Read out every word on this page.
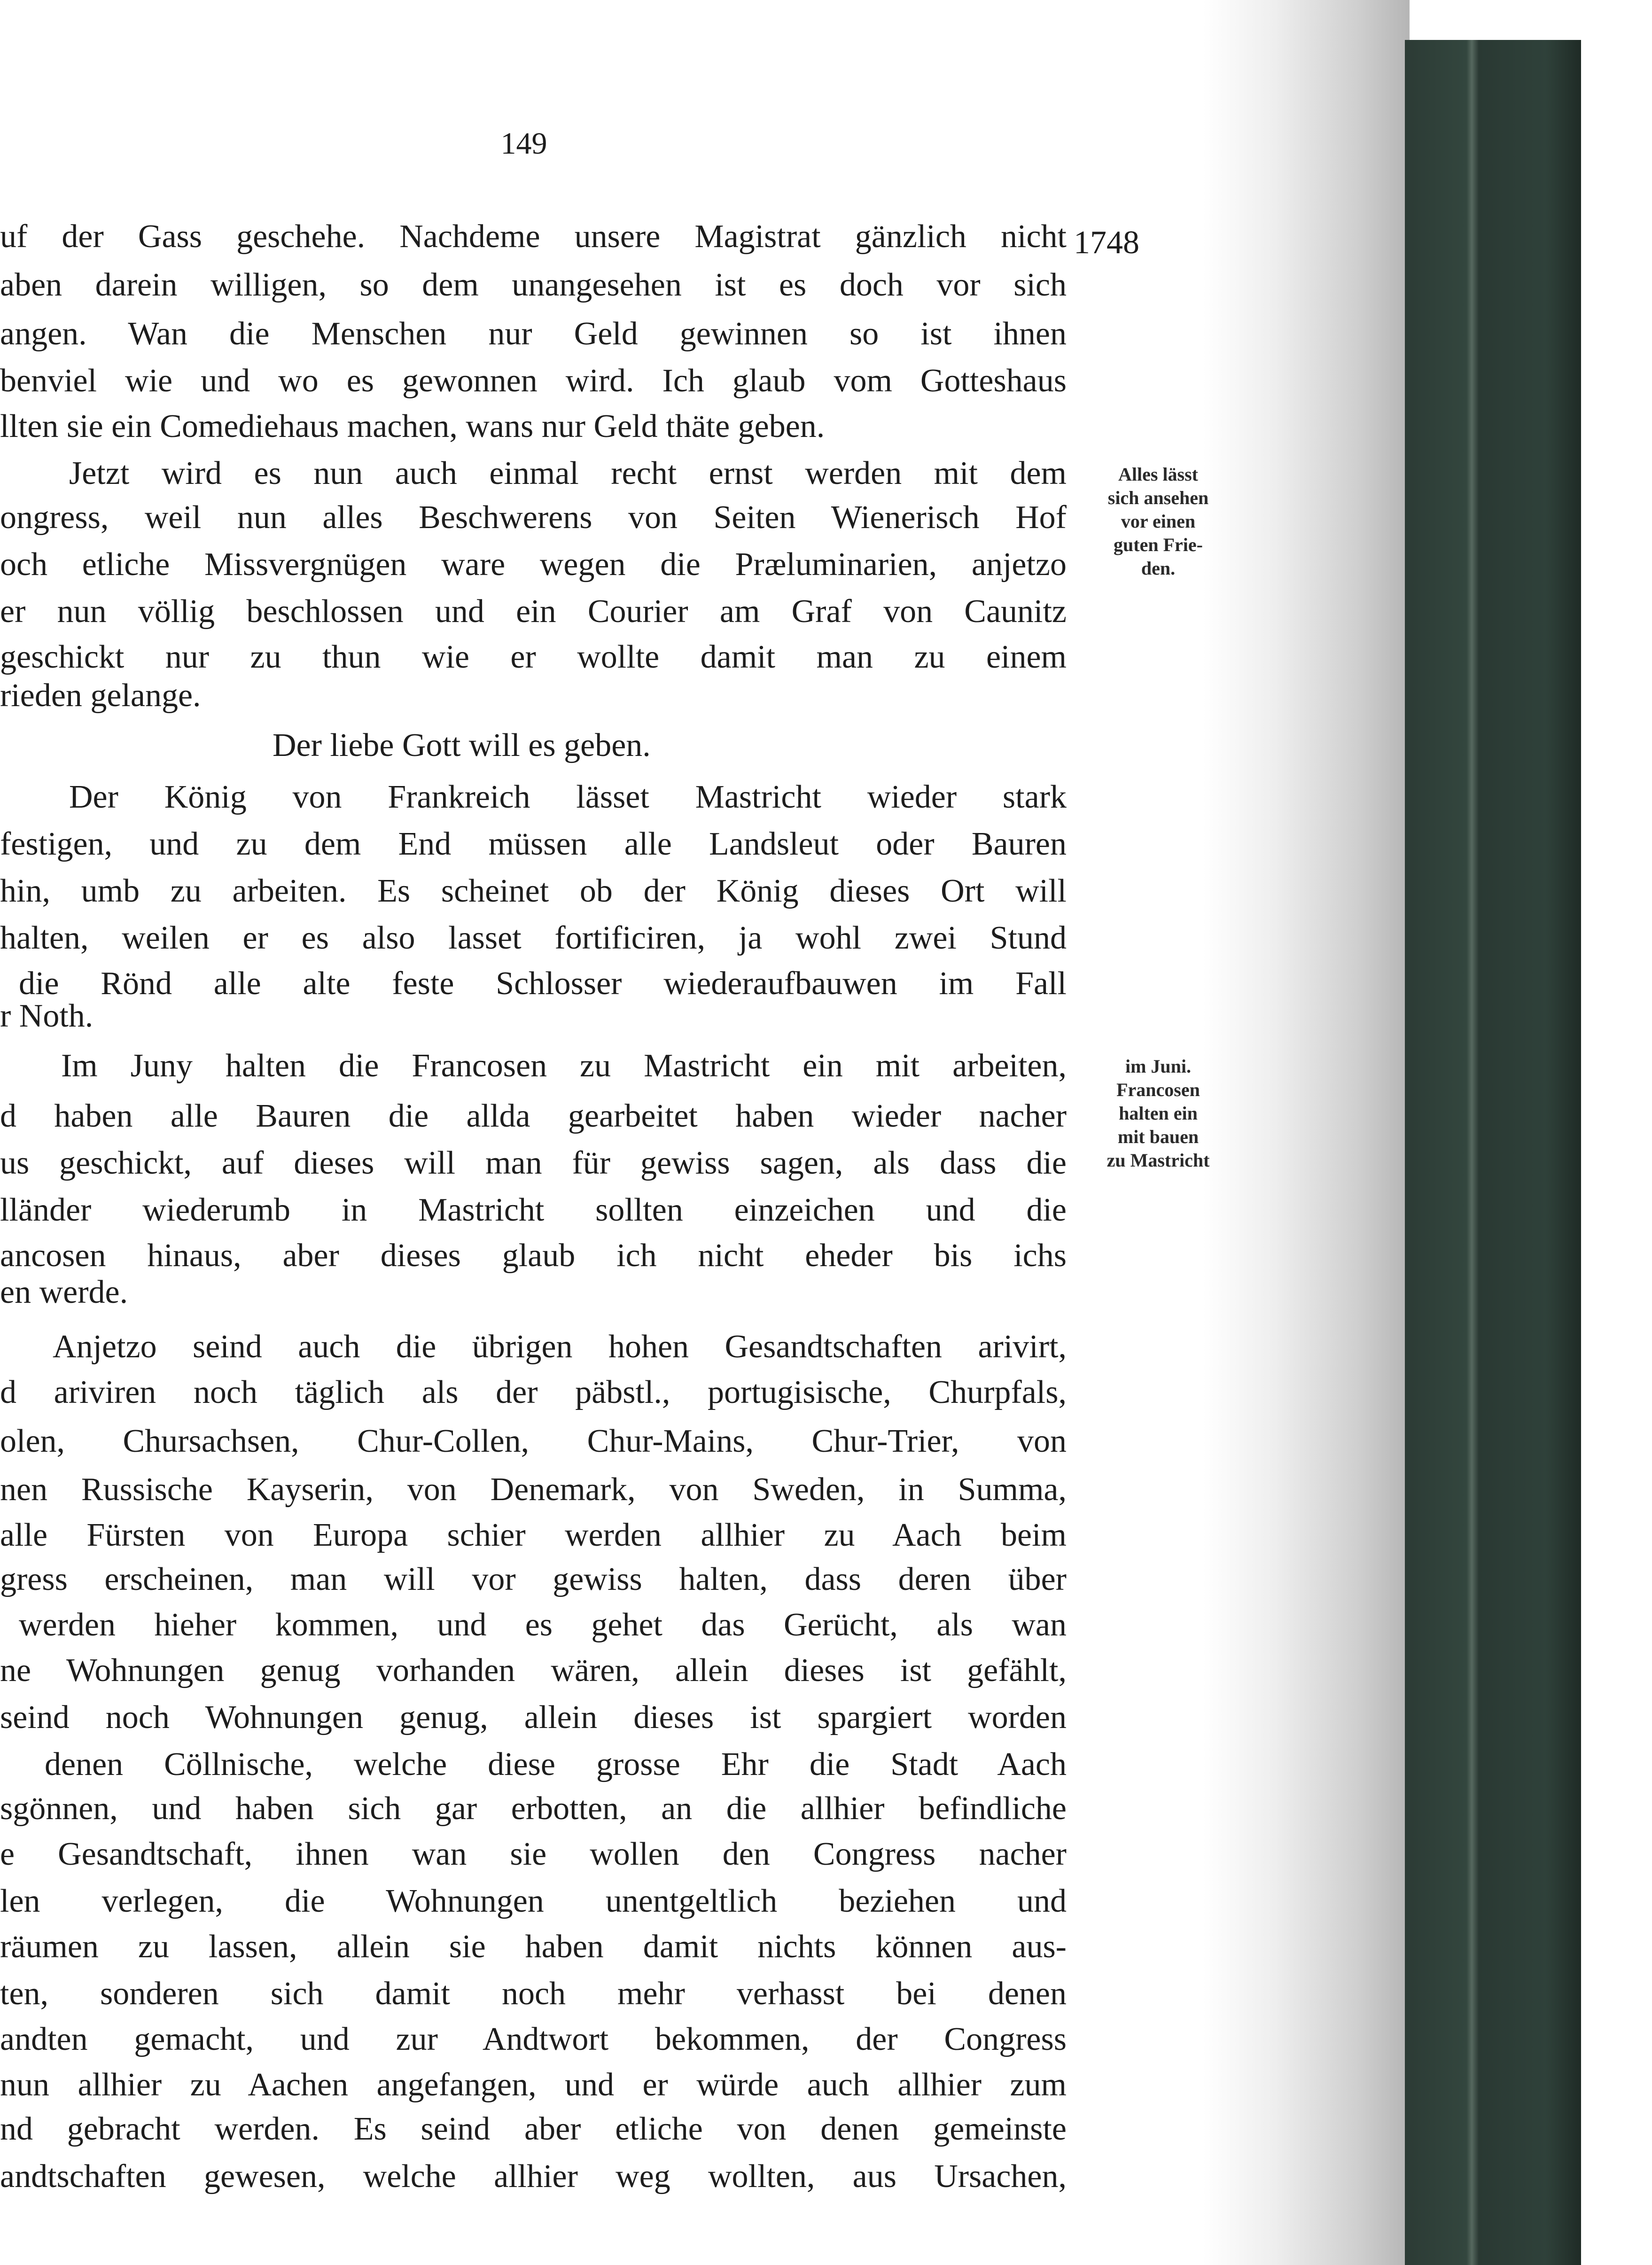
149
1748
uf der Gass geschehe. Nachdeme unsere Magistrat gänzlich nicht
aben darein willigen, so dem unangesehen ist es doch vor sich
angen. Wan die Menschen nur Geld gewinnen so ist ihnen
benviel wie und wo es gewonnen wird. Ich glaub vom Gotteshaus
llten sie ein Comediehaus machen, wans nur Geld thäte geben.
Jetzt wird es nun auch einmal recht ernst werden mit dem
ongress, weil nun alles Beschwerens von Seiten Wienerisch Hof
och etliche Missvergnügen ware wegen die Præluminarien, anjetzo
er nun völlig beschlossen und ein Courier am Graf von Caunitz
geschickt nur zu thun wie er wollte damit man zu einem
rieden gelange.
Der liebe Gott will es geben.
Der König von Frankreich lässet Mastricht wieder stark
festigen, und zu dem End müssen alle Landsleut oder Bauren
hin, umb zu arbeiten. Es scheinet ob der König dieses Ort will
halten, weilen er es also lasset fortificiren, ja wohl zwei Stund
die Rönd alle alte feste Schlosser wiederaufbauwen im Fall
r Noth.
Im Juny halten die Francosen zu Mastricht ein mit arbeiten,
d haben alle Bauren die allda gearbeitet haben wieder nacher
us geschickt, auf dieses will man für gewiss sagen, als dass die
lländer wiederumb in Mastricht sollten einzeichen und die
ancosen hinaus, aber dieses glaub ich nicht eheder bis ichs
en werde.
Anjetzo seind auch die übrigen hohen Gesandtschaften arivirt,
d ariviren noch täglich als der päbstl., portugisische, Churpfals,
olen, Chursachsen, Chur-Collen, Chur-Mains, Chur-Trier, von
nen Russische Kayserin, von Denemark, von Sweden, in Summa,
alle Fürsten von Europa schier werden allhier zu Aach beim
gress erscheinen, man will vor gewiss halten, dass deren über
werden hieher kommen, und es gehet das Gerücht, als wan
ne Wohnungen genug vorhanden wären, allein dieses ist gefählt,
seind noch Wohnungen genug, allein dieses ist spargiert worden
denen Cöllnische, welche diese grosse Ehr die Stadt Aach
sgönnen, und haben sich gar erbotten, an die allhier befindliche
e Gesandtschaft, ihnen wan sie wollen den Congress nacher
len verlegen, die Wohnungen unentgeltlich beziehen und
räumen zu lassen, allein sie haben damit nichts können aus-
ten, sonderen sich damit noch mehr verhasst bei denen
andten gemacht, und zur Andtwort bekommen, der Congress
nun allhier zu Aachen angefangen, und er würde auch allhier zum
nd gebracht werden. Es seind aber etliche von denen gemeinste
andtschaften gewesen, welche allhier weg wollten, aus Ursachen,
Alles lässt
sich ansehen
vor einen
guten Frie-
den.
im Juni.
Francosen
halten ein
mit bauen
zu Mastricht
